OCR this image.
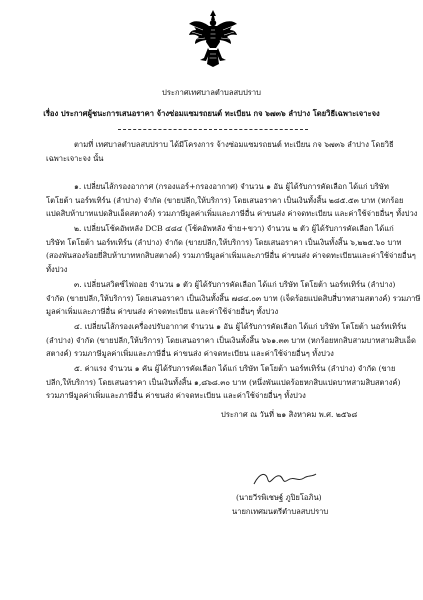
ประกาศเทศบาลตำบลสบปราบ
เรื่อง ประกาศผู้ชนะการเสนอราคา จ้างซ่อมแซมรถยนต์ ทะเบียน กจ ๖๗๓๖ ลำปาง โดยวิธีเฉพาะเจาะจง

ตามที่ เทศบาลตำบลสบปราบ ได้มีโครงการ จ้างซ่อมแซมรถยนต์ ทะเบียน กจ ๖๗๓๖ ลำปาง โดยวิธี

เฉพาะเจาะจง นั้น

๑. เปลี่ยนไส้กรองอากาศ (กรองแอร์+กรองอากาศ) จำนวน ๑ อัน ผู้ได้รับการคัดเลือก ได้แก่ บริษัท

โตโยต้า นอร์ทเทิร์น (ลำปาง) จำกัด (ขายปลีก,ให้บริการ) โดยเสนอราคา เป็นเงินทั้งสิ้น ๒๘๕.๕๓ บาท (หกร้อย

แปดสิบห้าบาทแปดสิบเอ็ดสตางค์) รวมภาษีมูลค่าเพิ่มและภาษีอื่น ค่าขนส่ง ค่าจดทะเบียน และค่าใช้จ่ายอื่นๆ ทั้งปวง

๒. เปลี่ยนโช้คอัพหลัง DCB ๔๘๔ (โช้คอัพหลัง ซ้าย+ขวา) จำนวน ๒ ตัว ผู้ได้รับการคัดเลือก ได้แก่

บริษัท โตโยต้า นอร์ทเทิร์น (ลำปาง) จำกัด (ขายปลีก,ให้บริการ) โดยเสนอราคา เป็นเงินทั้งสิ้น ๖,๒๒๕.๖๐ บาท

(สองพันสองร้อยยี่สิบห้าบาทหกสิบสตางค์) รวมภาษีมูลค่าเพิ่มและภาษีอื่น ค่าขนส่ง ค่าจดทะเบียนและค่าใช้จ่ายอื่นๆ

ทั้งปวง

๓. เปลี่ยนสวิตซ์ไฟถอย จำนวน ๑ ตัว ผู้ได้รับการคัดเลือก ได้แก่ บริษัท โตโยต้า นอร์ทเทิร์น (ลำปาง)

จำกัด (ขายปลีก,ให้บริการ) โดยเสนอราคา เป็นเงินทั้งสิ้น ๗๘๔.๐๓ บาท (เจ็ดร้อยแปดสิบสี่บาทสามสตางค์) รวมภาษี

มูลค่าเพิ่มและภาษีอื่น ค่าขนส่ง ค่าจดทะเบียน และค่าใช้จ่ายอื่นๆ ทั้งปวง

๔. เปลี่ยนไส้กรองเครื่องปรับอากาศ จำนวน ๑ อัน ผู้ได้รับการคัดเลือก ได้แก่ บริษัท โตโยต้า นอร์ทเทิร์น

(ลำปาง) จำกัด (ขายปลีก,ให้บริการ) โดยเสนอราคา เป็นเงินทั้งสิ้น ๖๖๑.๓๓ บาท (หกร้อยหกสิบสามบาทสามสิบเอ็ด

สตางค์) รวมภาษีมูลค่าเพิ่มและภาษีอื่น ค่าขนส่ง ค่าจดทะเบียน และค่าใช้จ่ายอื่นๆ ทั้งปวง

๕. ค่าแรง จำนวน ๑ คัน ผู้ได้รับการคัดเลือก ได้แก่ บริษัท โตโยต้า นอร์ทเทิร์น (ลำปาง) จำกัด (ขาย

ปลีก,ให้บริการ) โดยเสนอราคา เป็นเงินทั้งสิ้น ๑,๘๖๘.๓๐ บาท (หนึ่งพันแปดร้อยหกสิบแปดบาทสามสิบสตางค์)

รวมภาษีมูลค่าเพิ่มและภาษีอื่น ค่าขนส่ง ค่าจดทะเบียน และค่าใช้จ่ายอื่นๆ ทั้งปวง

ประกาศ ณ วันที่ ๒๑ สิงหาคม พ.ศ. ๒๕๖๘
(นายวีรพิเชษฐ์ ภูปิยโอภิน)
นายกเทศมนตรีตำบลสบปราบ
